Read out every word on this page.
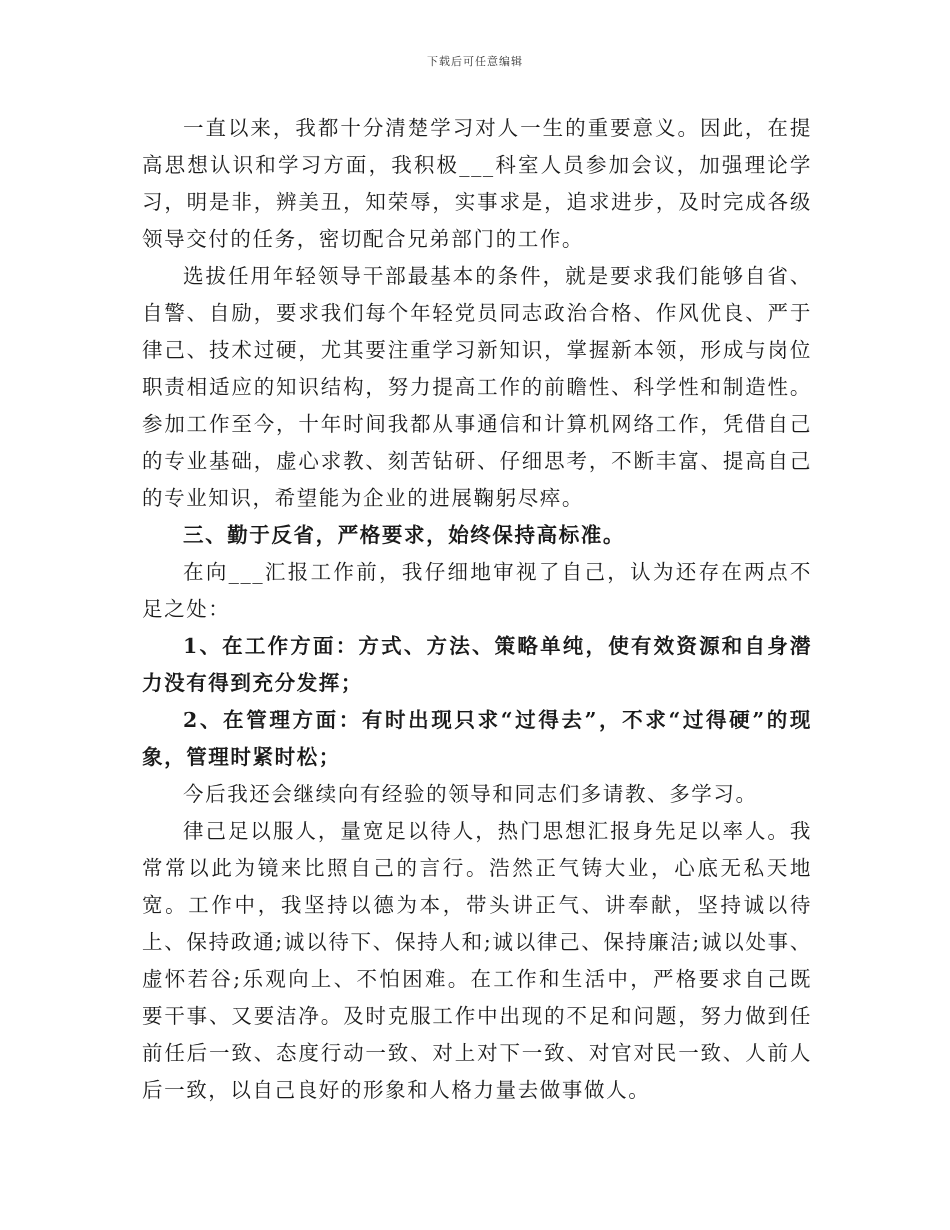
下载后可任意编辑

一直以来，我都十分清楚学习对人一生的重要意义。因此，在提高思想认识和学习方面，我积极___科室人员参加会议，加强理论学习，明是非，辨美丑，知荣辱，实事求是，追求进步，及时完成各级领导交付的任务，密切配合兄弟部门的工作。

选拔任用年轻领导干部最基本的条件，就是要求我们能够自省、自警、自励，要求我们每个年轻党员同志政治合格、作风优良、严于律己、技术过硬，尤其要注重学习新知识，掌握新本领，形成与岗位职责相适应的知识结构，努力提高工作的前瞻性、科学性和制造性。参加工作至今，十年时间我都从事通信和计算机网络工作，凭借自己的专业基础，虚心求教、刻苦钻研、仔细思考，不断丰富、提高自己的专业知识，希望能为企业的进展鞠躬尽瘁。

三、勤于反省，严格要求，始终保持高标准。

在向___汇报工作前，我仔细地审视了自己，认为还存在两点不足之处：

1、在工作方面：方式、方法、策略单纯，使有效资源和自身潜力没有得到充分发挥；

2、在管理方面：有时出现只求“过得去”，不求“过得硬”的现象，管理时紧时松；

今后我还会继续向有经验的领导和同志们多请教、多学习。

律己足以服人，量宽足以待人，热门思想汇报身先足以率人。我常常以此为镜来比照自己的言行。浩然正气铸大业，心底无私天地宽。工作中，我坚持以德为本，带头讲正气、讲奉献，坚持诚以待上、保持政通;诚以待下、保持人和;诚以律己、保持廉洁;诚以处事、虚怀若谷;乐观向上、不怕困难。在工作和生活中，严格要求自己既要干事、又要洁净。及时克服工作中出现的不足和问题，努力做到任前任后一致、态度行动一致、对上对下一致、对官对民一致、人前人后一致，以自己良好的形象和人格力量去做事做人。
